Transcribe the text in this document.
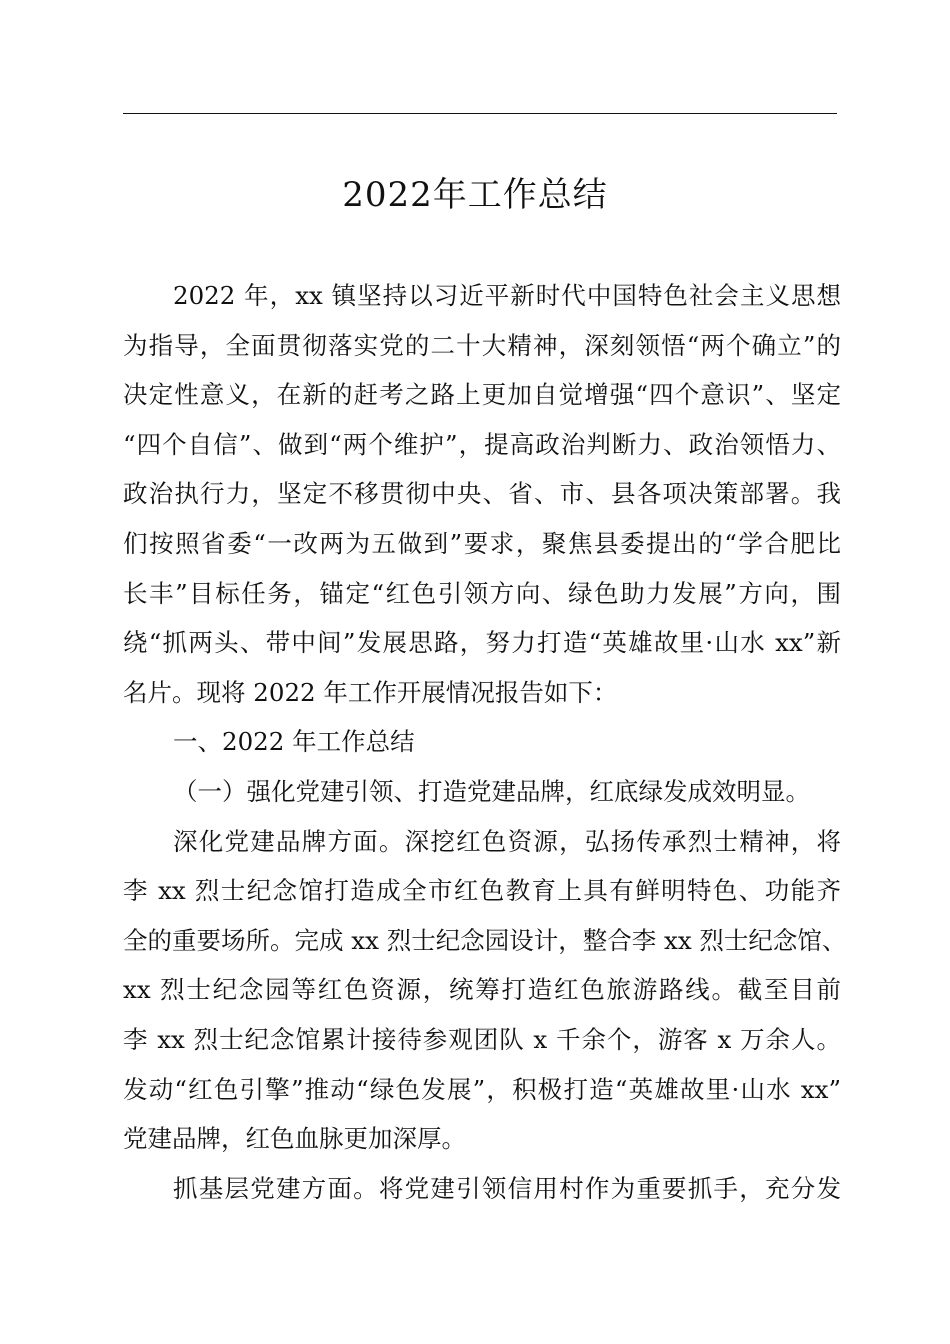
2022年工作总结
2022 年，xx 镇坚持以习近平新时代中国特色社会主义思想
为指导，全面贯彻落实党的二十大精神，深刻领悟“两个确立”的
决定性意义，在新的赶考之路上更加自觉增强“四个意识”、坚定
“四个自信”、做到“两个维护”，提高政治判断力、政治领悟力、
政治执行力，坚定不移贯彻中央、省、市、县各项决策部署。我
们按照省委“一改两为五做到”要求，聚焦县委提出的“学合肥比
长丰”目标任务，锚定“红色引领方向、绿色助力发展”方向，围
绕“抓两头、带中间”发展思路，努力打造“英雄故里·山水 xx”新
名片。现将 2022 年工作开展情况报告如下：
一、2022 年工作总结
（一）强化党建引领、打造党建品牌，红底绿发成效明显。
深化党建品牌方面。深挖红色资源，弘扬传承烈士精神，将
李 xx 烈士纪念馆打造成全市红色教育上具有鲜明特色、功能齐
全的重要场所。完成 xx 烈士纪念园设计，整合李 xx 烈士纪念馆、
xx 烈士纪念园等红色资源，统筹打造红色旅游路线。截至目前
李 xx 烈士纪念馆累计接待参观团队 x 千余个，游客 x 万余人。
发动“红色引擎”推动“绿色发展”，积极打造“英雄故里·山水 xx”
党建品牌，红色血脉更加深厚。
抓基层党建方面。将党建引领信用村作为重要抓手，充分发
